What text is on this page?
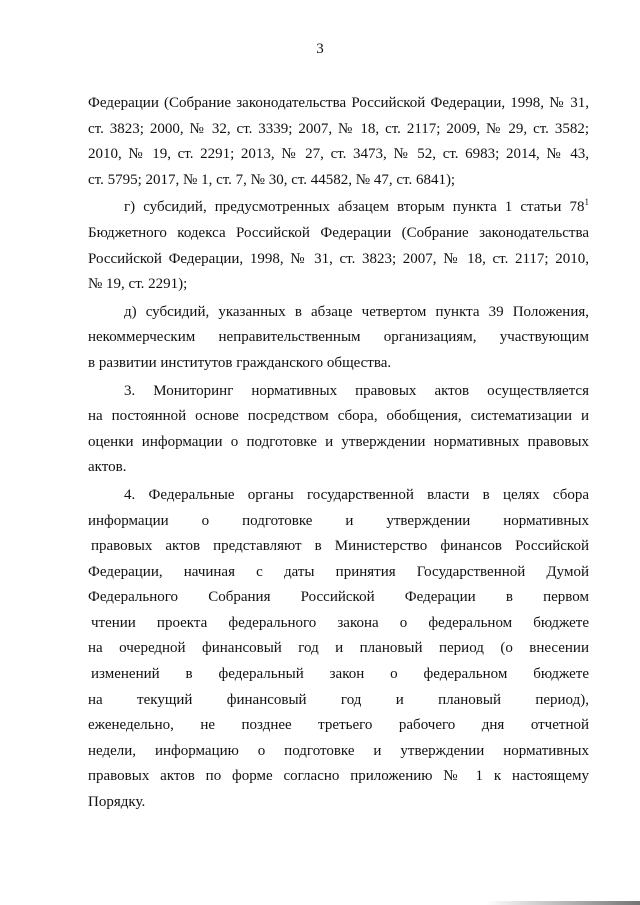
3
Федерации (Собрание законодательства Российской Федерации, 1998, № 31,
ст. 3823; 2000, № 32, ст. 3339; 2007, № 18, ст. 2117; 2009, № 29, ст. 3582;
2010, № 19, ст. 2291; 2013, № 27, ст. 3473, № 52, ст. 6983; 2014, № 43,
ст. 5795; 2017, № 1, ст. 7, № 30, ст. 44582, № 47, ст. 6841);
г) субсидий, предусмотренных абзацем вторым пункта 1 статьи $78^1$
Бюджетного кодекса Российской Федерации (Собрание законодательства
Российской Федерации, 1998, № 31, ст. 3823; 2007, № 18, ст. 2117; 2010,
№ 19, ст. 2291);
д) субсидий, указанных в абзаце четвертом пункта 39 Положения,
некоммерческим неправительственным организациям, участвующим
в развитии институтов гражданского общества.
3. Мониторинг нормативных правовых актов осуществляется
на постоянной основе посредством сбора, обобщения, систематизации и
оценки информации о подготовке и утверждении нормативных правовых
актов.
4. Федеральные органы государственной власти в целях сбора
информации о подготовке и утверждении нормативных
правовых актов представляют в Министерство финансов Российской
Федерации, начиная с даты принятия Государственной Думой
Федерального Собрания Российской Федерации в первом
чтении проекта федерального закона о федеральном бюджете
на очередной финансовый год и плановый период (о внесении
изменений в федеральный закон о федеральном бюджете
на текущий финансовый год и плановый период),
еженедельно, не позднее третьего рабочего дня отчетной
недели, информацию о подготовке и утверждении нормативных
правовых актов по форме согласно приложению № 1 к настоящему
Порядку.
